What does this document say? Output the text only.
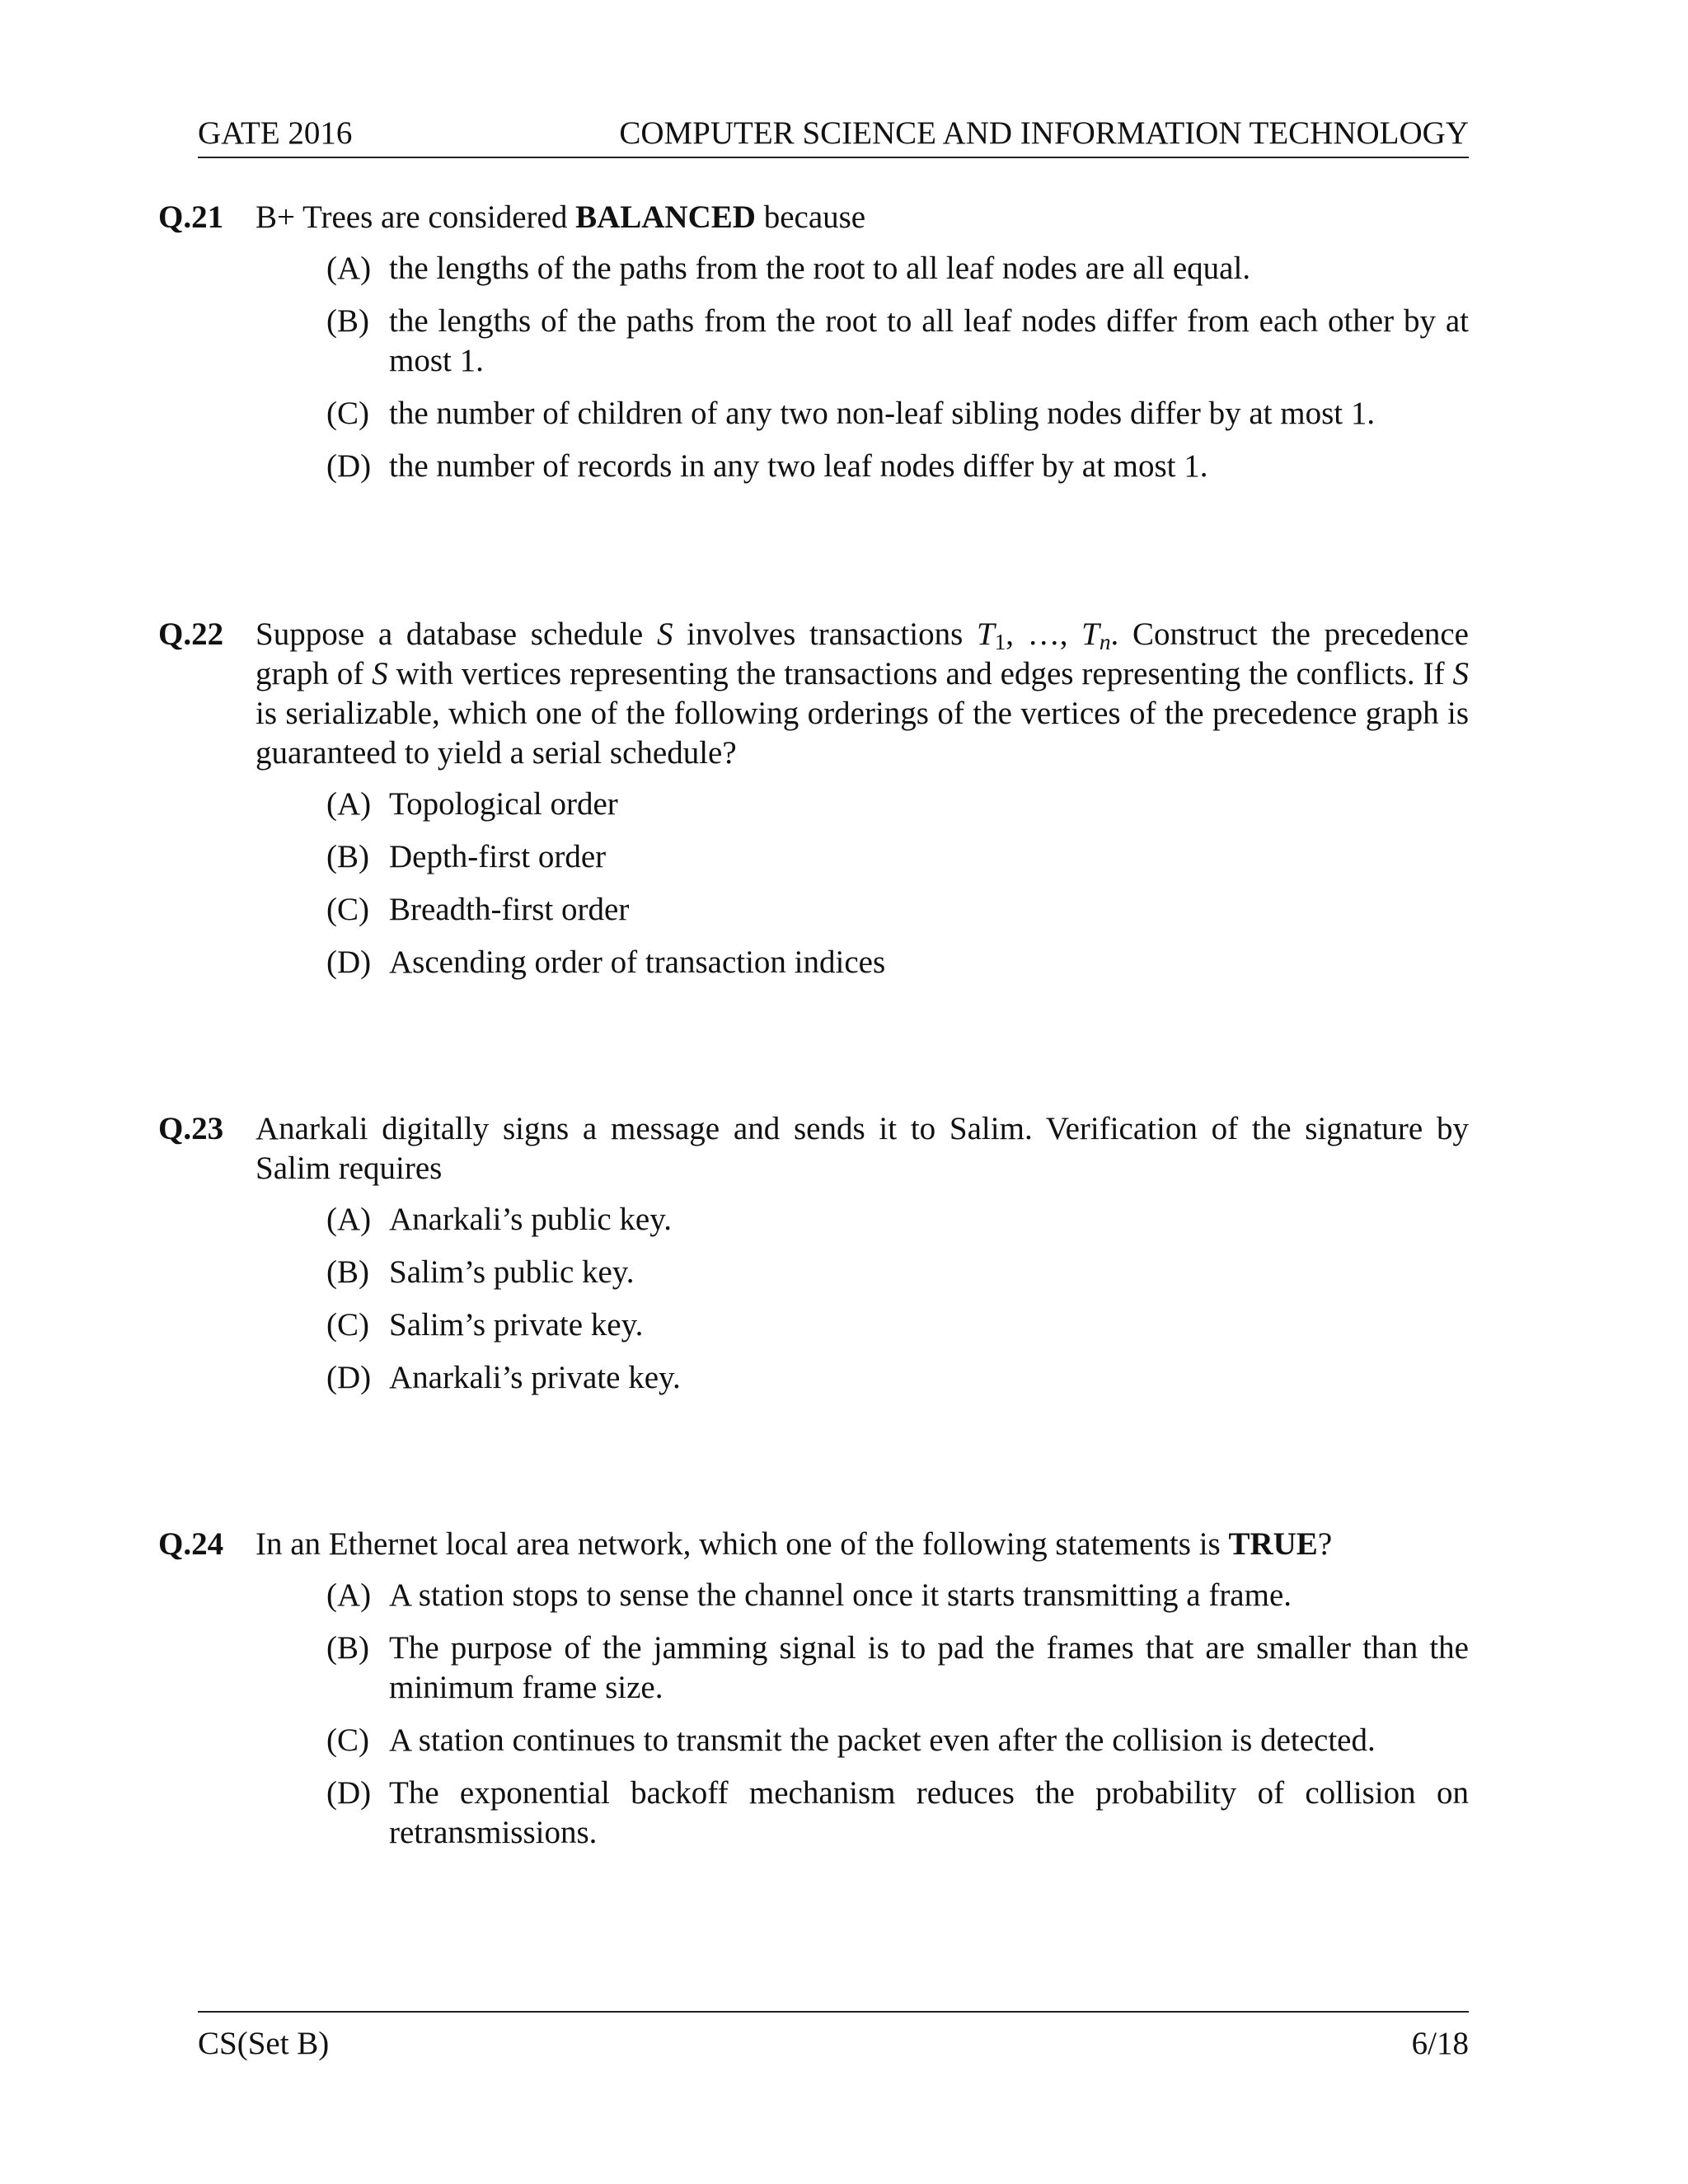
GATE 2016	COMPUTER SCIENCE AND INFORMATION TECHNOLOGY
Q.21 B+ Trees are considered BALANCED because
(A) the lengths of the paths from the root to all leaf nodes are all equal.
(B) the lengths of the paths from the root to all leaf nodes differ from each other by at most 1.
(C) the number of children of any two non-leaf sibling nodes differ by at most 1.
(D) the number of records in any two leaf nodes differ by at most 1.
Q.22 Suppose a database schedule S involves transactions T1, …, Tn. Construct the precedence graph of S with vertices representing the transactions and edges representing the conflicts. If S is serializable, which one of the following orderings of the vertices of the precedence graph is guaranteed to yield a serial schedule?
(A) Topological order
(B) Depth-first order
(C) Breadth-first order
(D) Ascending order of transaction indices
Q.23 Anarkali digitally signs a message and sends it to Salim. Verification of the signature by Salim requires
(A) Anarkali’s public key.
(B) Salim’s public key.
(C) Salim’s private key.
(D) Anarkali’s private key.
Q.24 In an Ethernet local area network, which one of the following statements is TRUE?
(A) A station stops to sense the channel once it starts transmitting a frame.
(B) The purpose of the jamming signal is to pad the frames that are smaller than the minimum frame size.
(C) A station continues to transmit the packet even after the collision is detected.
(D) The exponential backoff mechanism reduces the probability of collision on retransmissions.
CS(Set B)	6/18
